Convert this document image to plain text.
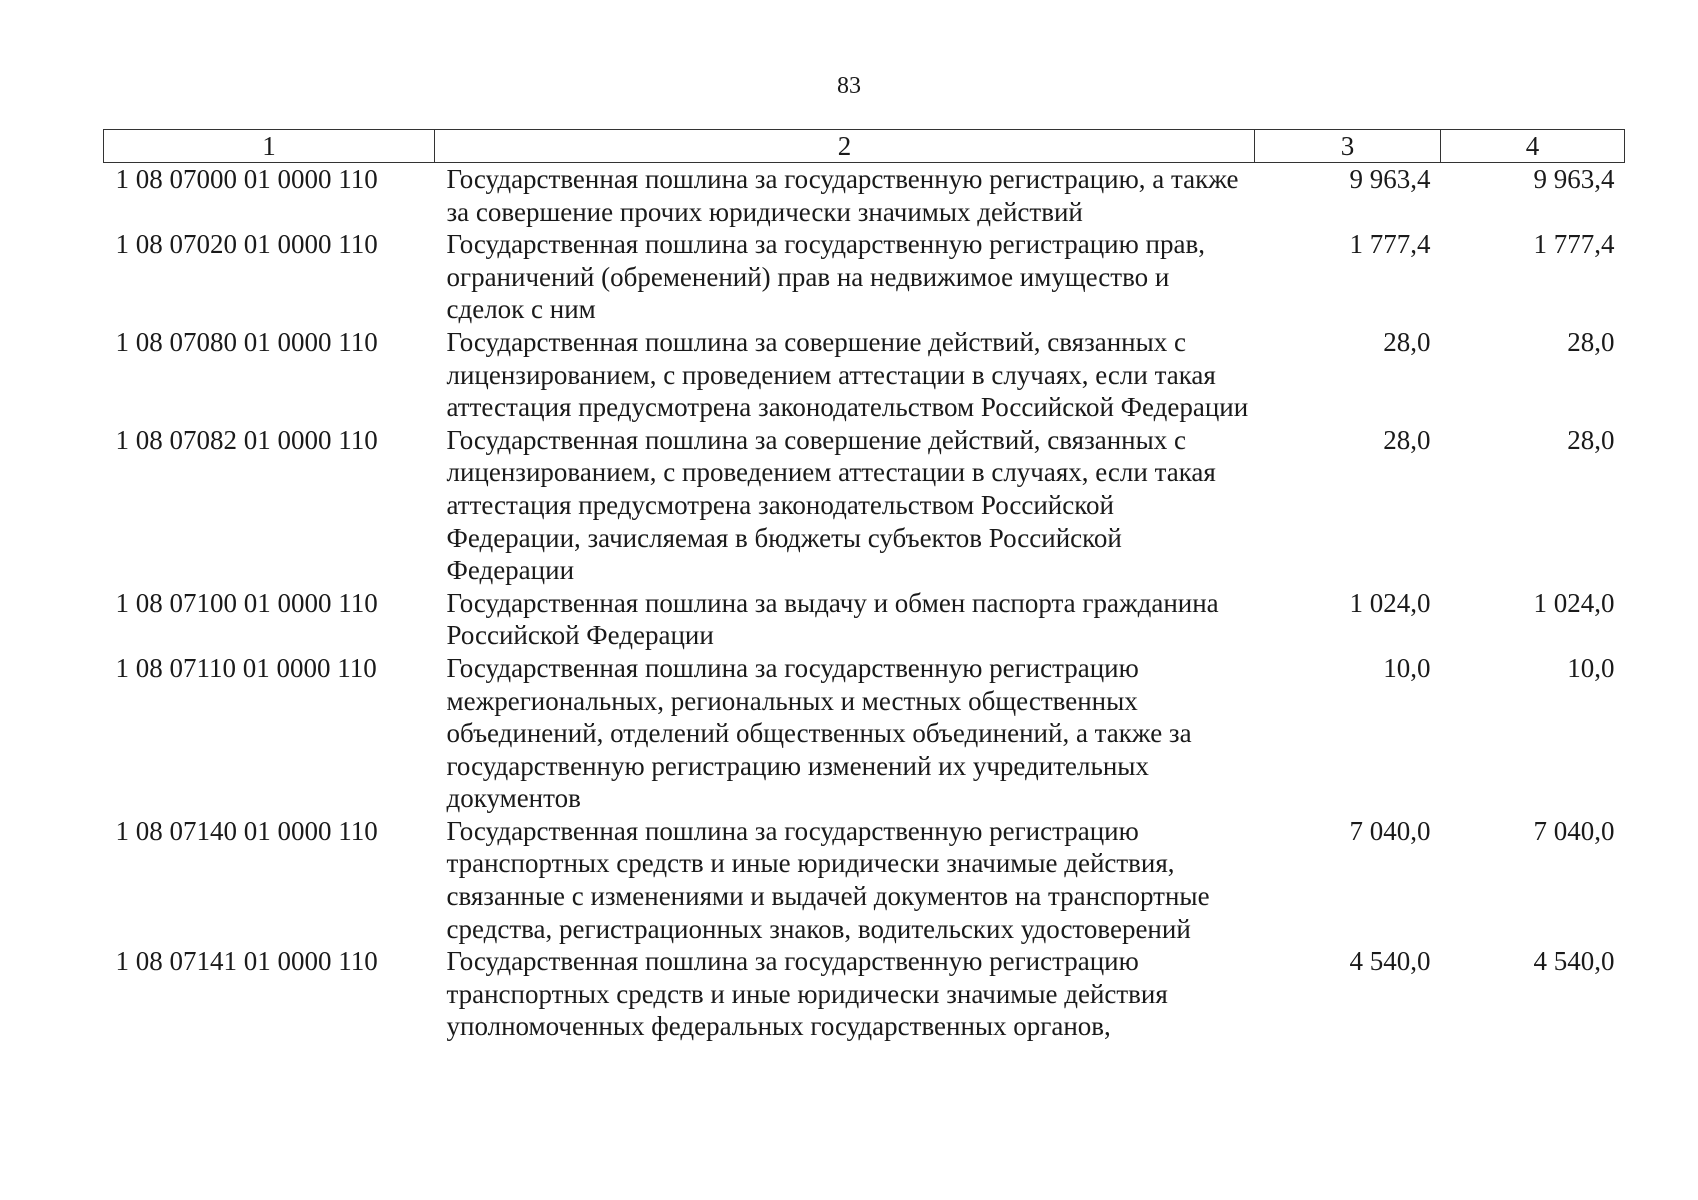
83
1	2	3	4
1 08 07000 01 0000 110	Государственная пошлина за государственную регистрацию, а также за совершение прочих юридически значимых действий	9 963,4	9 963,4
1 08 07020 01 0000 110	Государственная пошлина за государственную регистрацию прав, ограничений (обременений) прав на недвижимое имущество и сделок с ним	1 777,4	1 777,4
1 08 07080 01 0000 110	Государственная пошлина за совершение действий, связанных с лицензированием, с проведением аттестации в случаях, если такая аттестация предусмотрена законодательством Российской Федерации	28,0	28,0
1 08 07082 01 0000 110	Государственная пошлина за совершение действий, связанных с лицензированием, с проведением аттестации в случаях, если такая аттестация предусмотрена законодательством Российской Федерации, зачисляемая в бюджеты субъектов Российской Федерации	28,0	28,0
1 08 07100 01 0000 110	Государственная пошлина за выдачу и обмен паспорта гражданина Российской Федерации	1 024,0	1 024,0
1 08 07110 01 0000 110	Государственная пошлина за государственную регистрацию межрегиональных, региональных и местных общественных объединений, отделений общественных объединений, а также за государственную регистрацию изменений их учредительных документов	10,0	10,0
1 08 07140 01 0000 110	Государственная пошлина за государственную регистрацию транспортных средств и иные юридически значимые действия, связанные с изменениями и выдачей документов на транспортные средства, регистрационных знаков, водительских удостоверений	7 040,0	7 040,0
1 08 07141 01 0000 110	Государственная пошлина за государственную регистрацию транспортных средств и иные юридически значимые действия уполномоченных федеральных государственных органов,	4 540,0	4 540,0
